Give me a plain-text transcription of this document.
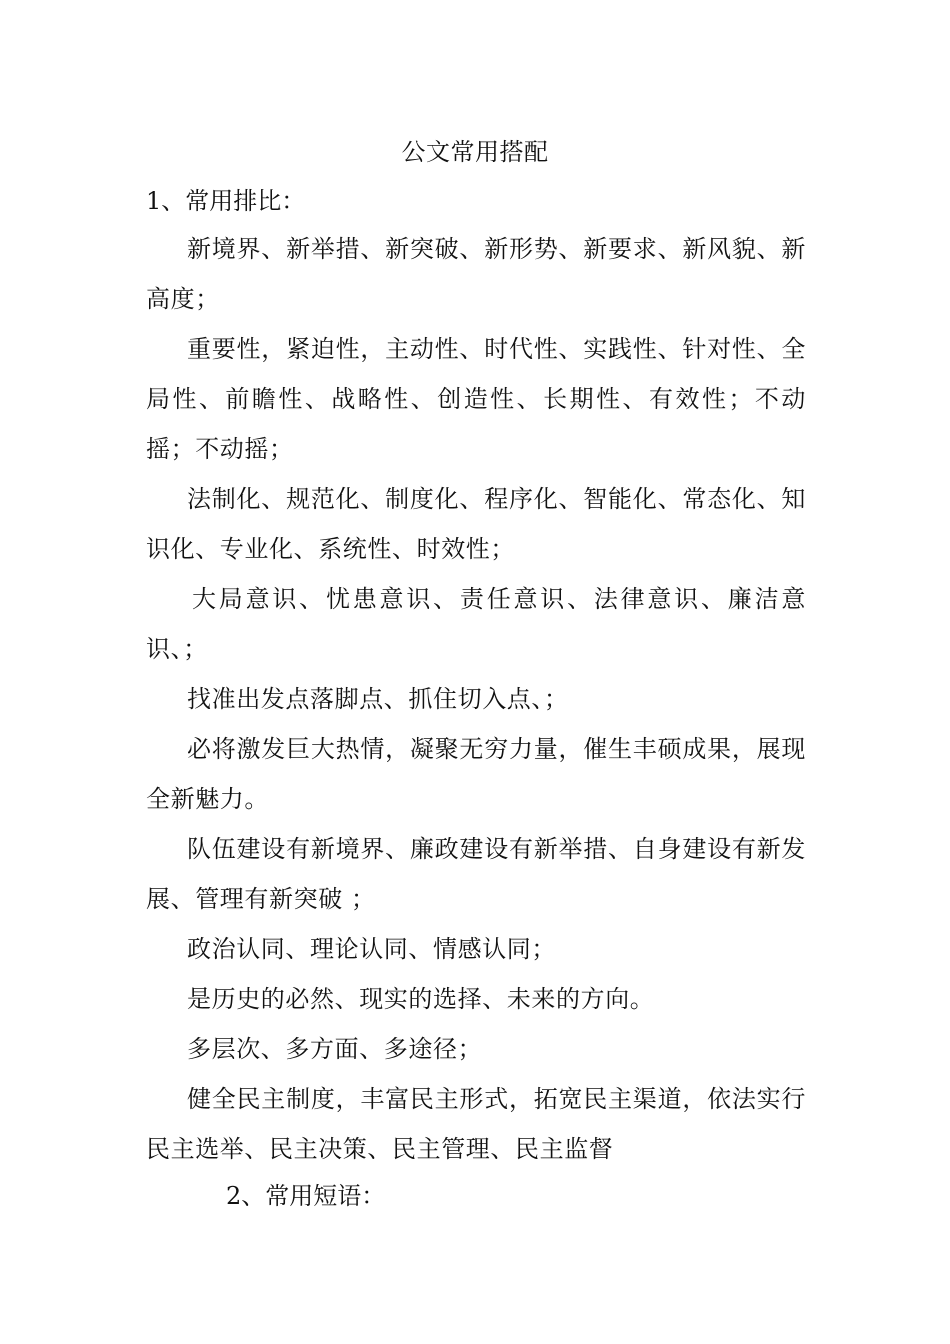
公文常用搭配
1、常用排比：
新境界、新举措、新突破、新形势、新要求、新风貌、新高度；
重要性，紧迫性，主动性、时代性、实践性、针对性、全局性、前瞻性、战略性、创造性、长期性、有效性；不动摇；不动摇；
法制化、规范化、制度化、程序化、智能化、常态化、知识化、专业化、系统性、时效性；
大局意识、忧患意识、责任意识、法律意识、廉洁意识、；
找准出发点落脚点、抓住切入点、；
必将激发巨大热情，凝聚无穷力量，催生丰硕成果，展现全新魅力。
队伍建设有新境界、廉政建设有新举措、自身建设有新发展、管理有新突破 ；
政治认同、理论认同、情感认同；
是历史的必然、现实的选择、未来的方向。
多层次、多方面、多途径；
健全民主制度，丰富民主形式，拓宽民主渠道，依法实行民主选举、民主决策、民主管理、民主监督
2、常用短语：
